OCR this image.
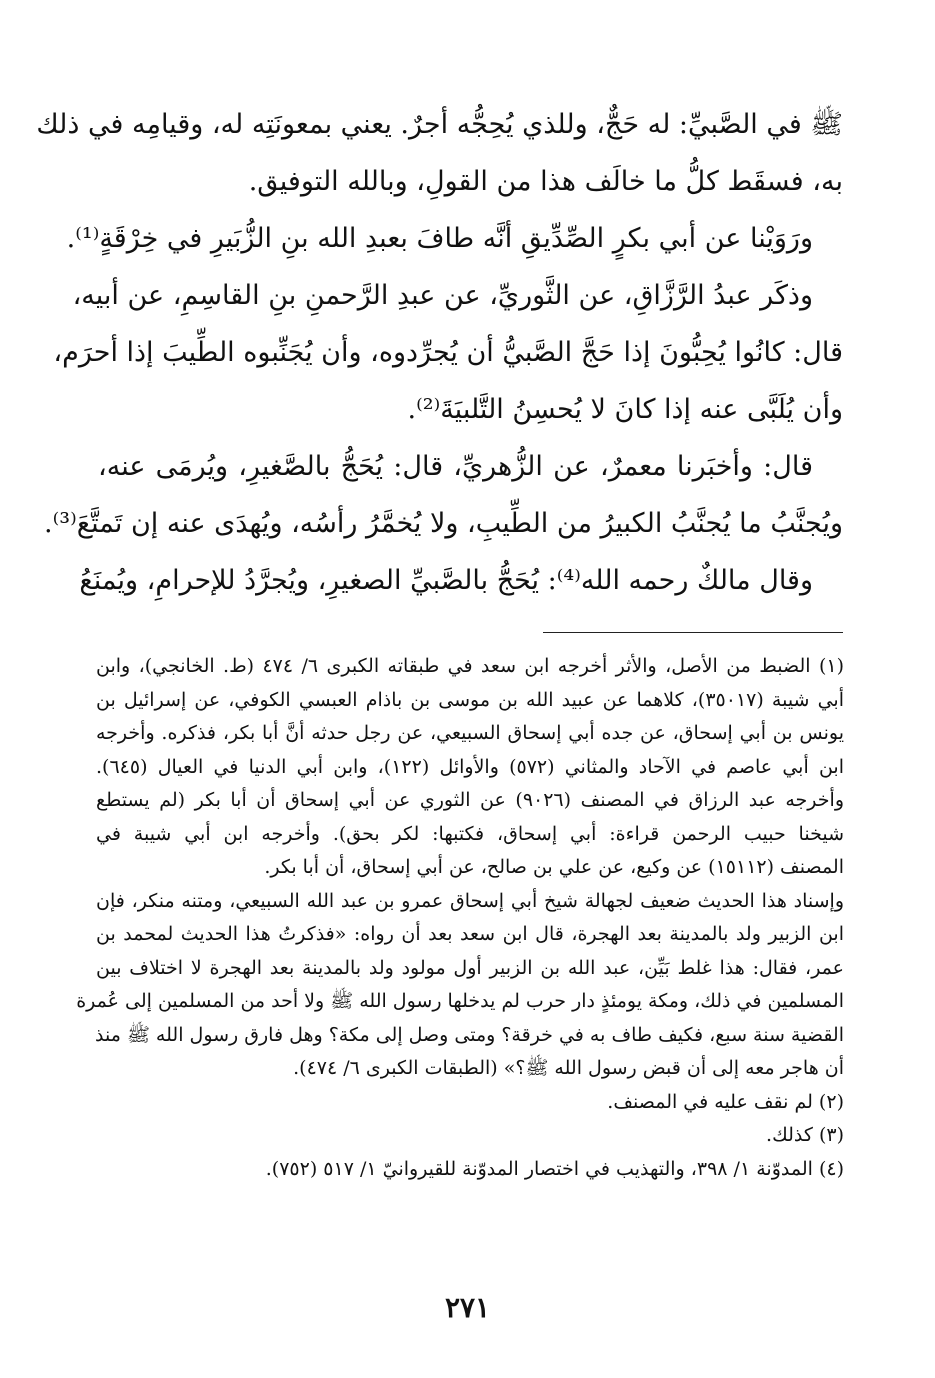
ﷺ في الصَّبيِّ: له حَجٌّ، وللذي يُحِجُّه أجرٌ. يعني بمعونَتِه له، وقيامِه في ذلك
به، فسقَط كلُّ ما خالَف هذا من القولِ، وبالله التوفيق.
ورَوَيْنا عن أبي بكرٍ الصِّدِّيقِ أنَّه طافَ بعبدِ الله بنِ الزُّبَيرِ في خِرْقَةٍ⁽¹⁾.
وذكَر عبدُ الرَّزَّاقِ، عن الثَّوريِّ، عن عبدِ الرَّحمنِ بنِ القاسِمِ، عن أبيه،
قال: كانُوا يُحِبُّونَ إذا حَجَّ الصَّبيُّ أن يُجرِّدوه، وأن يُجَنِّبوه الطِّيبَ إذا أحرَم،
وأن يُلَبَّى عنه إذا كانَ لا يُحسِنُ التَّلبيَةَ⁽²⁾.
قال: وأخبَرنا معمرٌ، عن الزُّهريِّ، قال: يُحَجُّ بالصَّغيرِ، ويُرمَى عنه،
ويُجنَّبُ ما يُجنَّبُ الكبيرُ من الطِّيبِ، ولا يُخمَّرُ رأسُه، ويُهدَى عنه إن تَمتَّعَ⁽³⁾.
وقال مالكٌ رحمه الله⁽⁴⁾: يُحَجُّ بالصَّبيِّ الصغيرِ، ويُجرَّدُ للإحرامِ، ويُمنَعُ
(١) الضبط من الأصل، والأثر أخرجه ابن سعد في طبقاته الكبرى ٦/ ٤٧٤ (ط. الخانجي)، وابن
أبي شيبة (٣٥٠١٧)، كلاهما عن عبيد الله بن موسى بن باذام العبسي الكوفي، عن إسرائيل بن
يونس بن أبي إسحاق، عن جده أبي إسحاق السبيعي، عن رجل حدثه أنَّ أبا بكر، فذكره. وأخرجه
ابن أبي عاصم في الآحاد والمثاني (٥٧٢) والأوائل (١٢٢)، وابن أبي الدنيا في العيال (٦٤٥).
وأخرجه عبد الرزاق في المصنف (٩٠٢٦) عن الثوري عن أبي إسحاق أن أبا بكر (لم يستطع
شيخنا حبيب الرحمن قراءة: أبي إسحاق، فكتبها: لكر بحق). وأخرجه ابن أبي شيبة في
المصنف (١٥١١٢) عن وكيع، عن علي بن صالح، عن أبي إسحاق، أن أبا بكر.
وإسناد هذا الحديث ضعيف لجهالة شيخ أبي إسحاق عمرو بن عبد الله السبيعي، ومتنه منكر، فإن
ابن الزبير ولد بالمدينة بعد الهجرة، قال ابن سعد بعد أن رواه: «فذكرتُ هذا الحديث لمحمد بن
عمر، فقال: هذا غلط بَيِّن، عبد الله بن الزبير أول مولود ولد بالمدينة بعد الهجرة لا اختلاف بين
المسلمين في ذلك، ومكة يومئذٍ دار حرب لم يدخلها رسول الله ﷺ ولا أحد من المسلمين إلى عُمرة
القضية سنة سبع، فكيف طاف به في خرقة؟ ومتى وصل إلى مكة؟ وهل فارق رسول الله ﷺ منذ
أن هاجر معه إلى أن قبض رسول الله ﷺ؟» (الطبقات الكبرى ٦/ ٤٧٤).
(٢) لم نقف عليه في المصنف.
(٣) كذلك.
(٤) المدوّنة ١/ ٣٩٨، والتهذيب في اختصار المدوّنة للقيروانيّ ١/ ٥١٧ (٧٥٢).
٢٧١
